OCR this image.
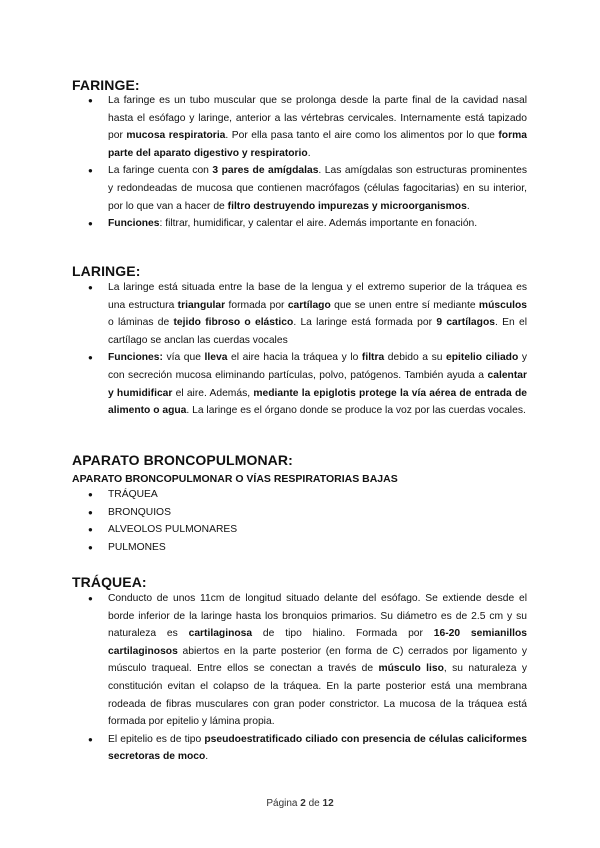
FARINGE:
● La faringe es un tubo muscular que se prolonga desde la parte final de la cavidad nasal hasta el esófago y laringe, anterior a las vértebras cervicales. Internamente está tapizado por mucosa respiratoria. Por ella pasa tanto el aire como los alimentos por lo que forma parte del aparato digestivo y respiratorio.
● La faringe cuenta con 3 pares de amígdalas. Las amígdalas son estructuras prominentes y redondeadas de mucosa que contienen macrófagos (células fagocitarias) en su interior, por lo que van a hacer de filtro destruyendo impurezas y microorganismos.
● Funciones: filtrar, humidificar, y calentar el aire. Además importante en fonación.
LARINGE:
● La laringe está situada entre la base de la lengua y el extremo superior de la tráquea es una estructura triangular formada por cartílago que se unen entre sí mediante músculos o láminas de tejido fibroso o elástico. La laringe está formada por 9 cartílagos. En el cartílago se anclan las cuerdas vocales
● Funciones: vía que lleva el aire hacia la tráquea y lo filtra debido a su epitelio ciliado y con secreción mucosa eliminando partículas, polvo, patógenos. También ayuda a calentar y humidificar el aire. Además, mediante la epiglotis protege la vía aérea de entrada de alimento o agua. La laringe es el órgano donde se produce la voz por las cuerdas vocales.
APARATO BRONCOPULMONAR:
APARATO BRONCOPULMONAR O VÍAS RESPIRATORIAS BAJAS
● TRÁQUEA
● BRONQUIOS
● ALVEOLOS PULMONARES
● PULMONES
TRÁQUEA:
● Conducto de unos 11cm de longitud situado delante del esófago. Se extiende desde el borde inferior de la laringe hasta los bronquios primarios. Su diámetro es de 2.5 cm y su naturaleza es cartilaginosa de tipo hialino. Formada por 16-20 semianillos cartilaginosos abiertos en la parte posterior (en forma de C) cerrados por ligamento y músculo traqueal. Entre ellos se conectan a través de músculo liso, su naturaleza y constitución evitan el colapso de la tráquea. En la parte posterior está una membrana rodeada de fibras musculares con gran poder constrictor. La mucosa de la tráquea está formada por epitelio y lámina propia.
● El epitelio es de tipo pseudoestratificado ciliado con presencia de células caliciformes secretoras de moco.
Página 2 de 12
